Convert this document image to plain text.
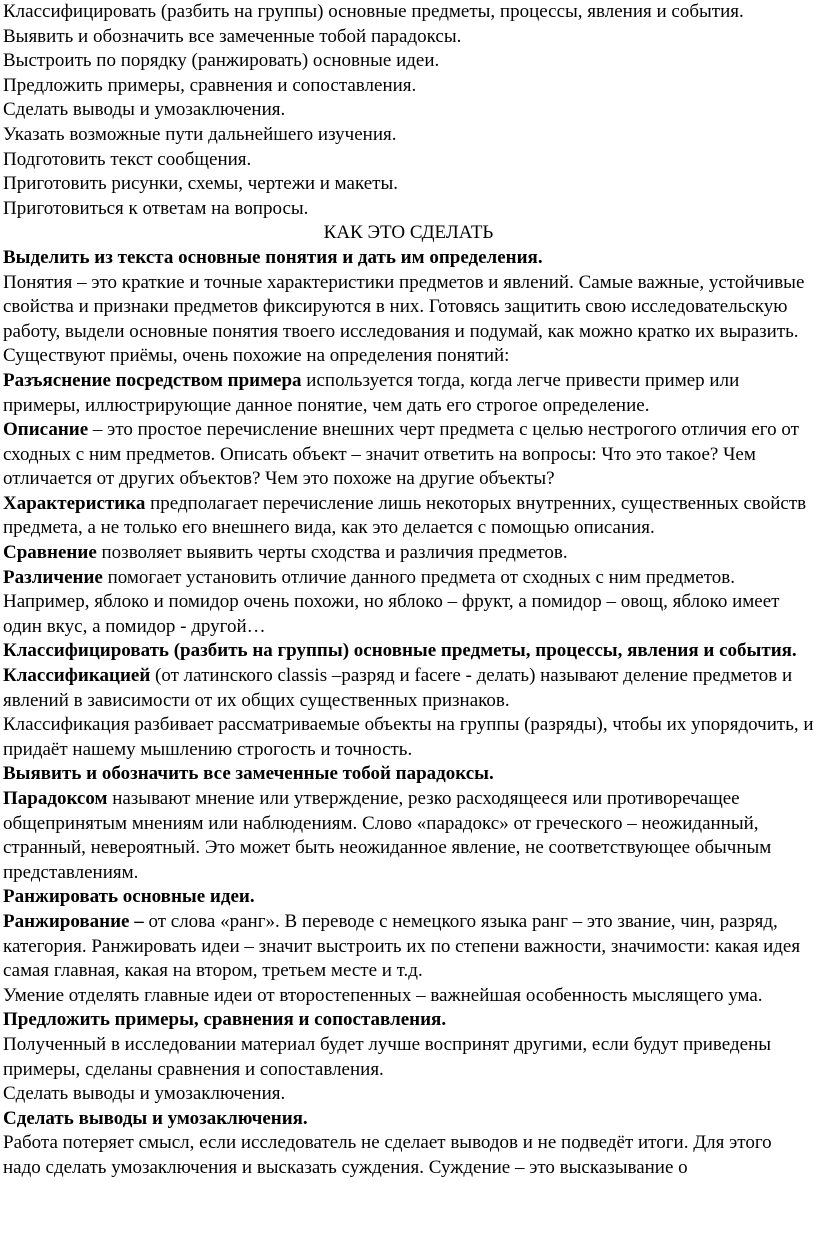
Классифицировать (разбить на группы) основные предметы, процессы, явления и события.

Выявить и обозначить все замеченные тобой парадоксы.

Выстроить по порядку (ранжировать) основные идеи.

Предложить примеры, сравнения и сопоставления.

Сделать выводы и умозаключения.

Указать возможные пути дальнейшего изучения.

Подготовить текст сообщения.

Приготовить рисунки, схемы, чертежи и макеты.

Приготовиться к ответам на вопросы.

КАК ЭТО СДЕЛАТЬ

Выделить из текста основные понятия и дать им определения.

Понятия – это краткие и точные характеристики предметов и явлений. Самые важные, устойчивые свойства и признаки предметов фиксируются в них. Готовясь защитить свою исследовательскую работу, выдели основные понятия твоего исследования и подумай, как можно кратко их выразить.

Существуют приёмы, очень похожие на определения понятий:

Разъяснение посредством примера используется тогда, когда легче привести пример или примеры, иллюстрирующие данное понятие, чем дать его строгое определение.

Описание – это простое перечисление внешних черт предмета с целью нестрогого отличия его от сходных с ним предметов. Описать объект – значит ответить на вопросы: Что это такое? Чем отличается от других объектов? Чем это похоже на другие объекты?

Характеристика предполагает перечисление лишь некоторых внутренних, существенных свойств предмета, а не только его внешнего вида, как это делается с помощью описания.

Сравнение позволяет выявить черты сходства и различия предметов.

Различение помогает установить отличие данного предмета от сходных с ним предметов. Например, яблоко и помидор очень похожи, но яблоко – фрукт, а помидор – овощ, яблоко имеет один вкус, а помидор - другой…

Классифицировать (разбить на группы) основные предметы, процессы, явления и события.

Классификацией (от латинского classis –разряд и facere - делать) называют деление предметов и явлений в зависимости от их общих существенных признаков.

Классификация разбивает рассматриваемые объекты на группы (разряды), чтобы их упорядочить, и придаёт нашему мышлению строгость и точность.

Выявить и обозначить все замеченные тобой парадоксы.

Парадоксом называют мнение или утверждение, резко расходящееся или противоречащее общепринятым мнениям или наблюдениям. Слово «парадокс» от греческого – неожиданный, странный, невероятный. Это может быть неожиданное явление, не соответствующее обычным представлениям.

Ранжировать основные идеи.

Ранжирование – от слова «ранг». В переводе с немецкого языка ранг – это звание, чин, разряд, категория. Ранжировать идеи – значит выстроить их по степени важности, значимости: какая идея самая главная, какая на втором, третьем месте и т.д.

Умение отделять главные идеи от второстепенных – важнейшая особенность мыслящего ума.

Предложить примеры, сравнения и сопоставления.

Полученный в исследовании материал будет лучше воспринят другими, если будут приведены примеры, сделаны сравнения и сопоставления.

Сделать выводы и умозаключения.

Сделать выводы и умозаключения.

Работа потеряет смысл, если исследователь не сделает выводов и не подведёт итоги. Для этого надо сделать умозаключения и высказать суждения. Суждение – это высказывание о
